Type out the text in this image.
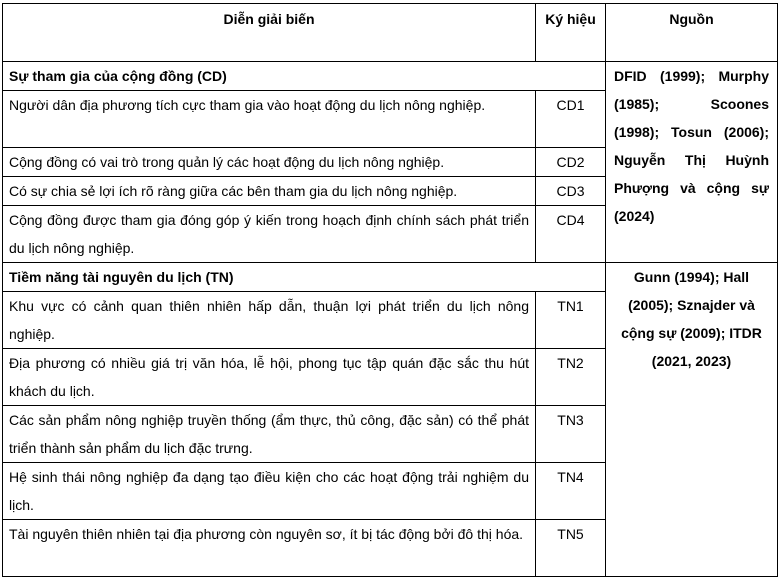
Diễn giải biến	Ký hiệu	Nguồn
Sự tham gia của cộng đồng (CD)		DFID (1999); Murphy (1985); Scoones (1998); Tosun (2006); Nguyễn Thị Huỳnh Phượng và cộng sự (2024)
Người dân địa phương tích cực tham gia vào hoạt động du lịch nông nghiệp.	CD1	
Cộng đồng có vai trò trong quản lý các hoạt động du lịch nông nghiệp.	CD2	
Có sự chia sẻ lợi ích rõ ràng giữa các bên tham gia du lịch nông nghiệp.	CD3	
Cộng đồng được tham gia đóng góp ý kiến trong hoạch định chính sách phát triển du lịch nông nghiệp.	CD4	
Tiềm năng tài nguyên du lịch (TN)		Gunn (1994); Hall (2005); Sznajder và cộng sự (2009); ITDR (2021, 2023)
Khu vực có cảnh quan thiên nhiên hấp dẫn, thuận lợi phát triển du lịch nông nghiệp.	TN1	
Địa phương có nhiều giá trị văn hóa, lễ hội, phong tục tập quán đặc sắc thu hút khách du lịch.	TN2	
Các sản phẩm nông nghiệp truyền thống (ẩm thực, thủ công, đặc sản) có thể phát triển thành sản phẩm du lịch đặc trưng.	TN3	
Hệ sinh thái nông nghiệp đa dạng tạo điều kiện cho các hoạt động trải nghiệm du lịch.	TN4	
Tài nguyên thiên nhiên tại địa phương còn nguyên sơ, ít bị tác động bởi đô thị hóa.	TN5	
